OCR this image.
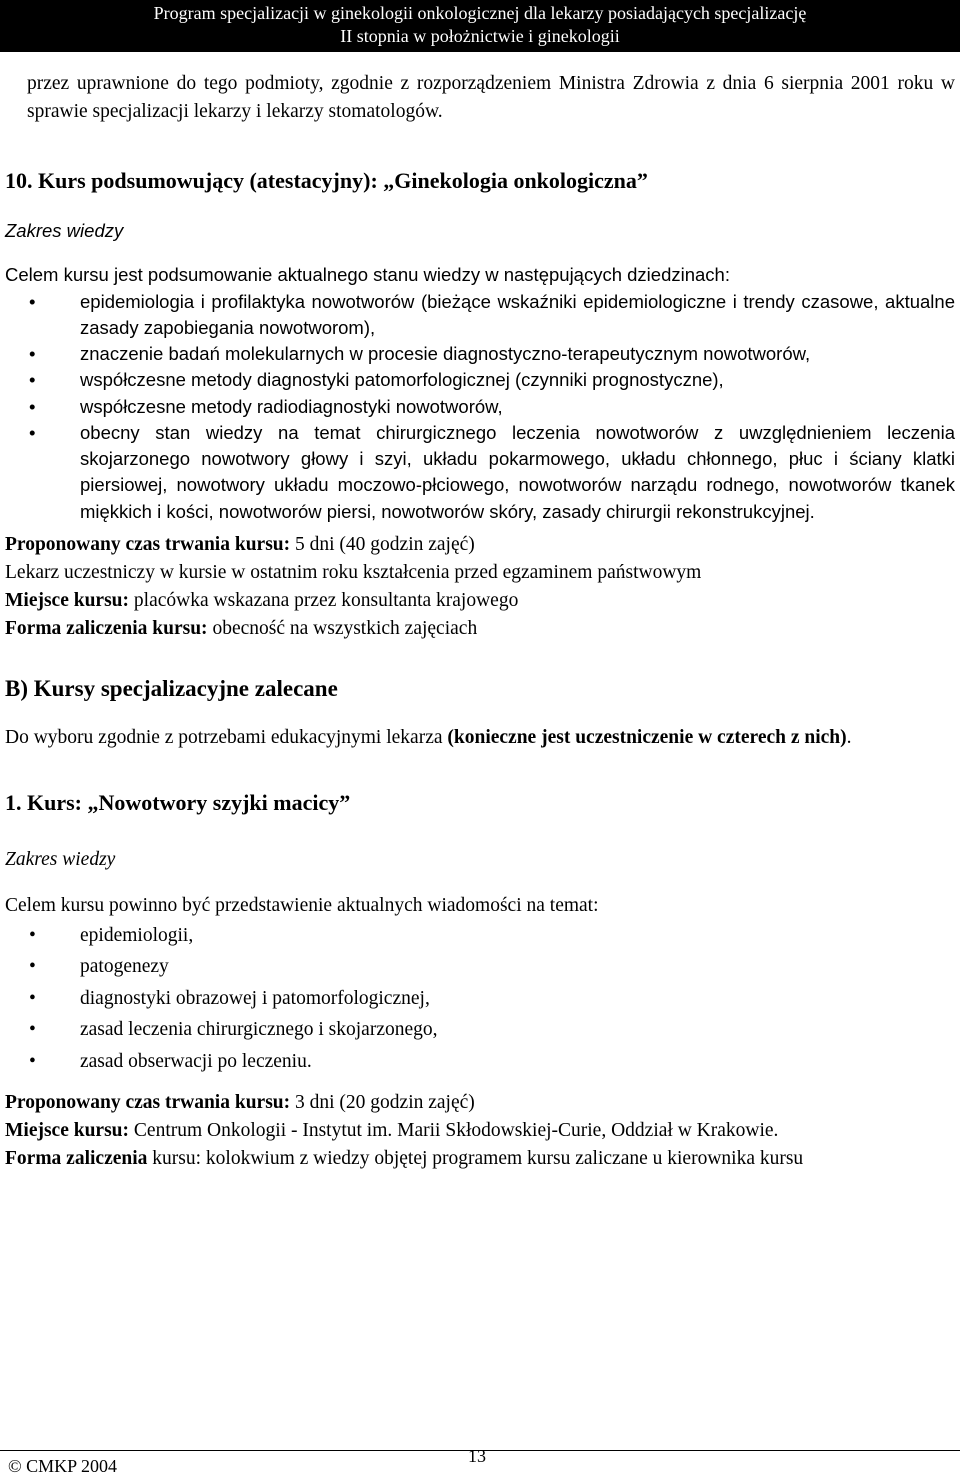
Program specjalizacji w ginekologii onkologicznej dla lekarzy posiadających specjalizację
II stopnia w położnictwie i ginekologii

przez uprawnione do tego podmioty, zgodnie z rozporządzeniem Ministra Zdrowia z dnia 6 sierpnia 2001 roku w sprawie specjalizacji lekarzy i lekarzy stomatologów.

10. Kurs podsumowujący (atestacyjny): „Ginekologia onkologiczna”

Zakres wiedzy

Celem kursu jest podsumowanie aktualnego stanu wiedzy w następujących dziedzinach:

• epidemiologia i profilaktyka nowotworów (bieżące wskaźniki epidemiologiczne i trendy czasowe, aktualne zasady zapobiegania nowotworom),
• znaczenie badań molekularnych w procesie diagnostyczno-terapeutycznym nowotworów,
• współczesne metody diagnostyki patomorfologicznej (czynniki prognostyczne),
• współczesne metody radiodiagnostyki nowotworów,
• obecny stan wiedzy na temat chirurgicznego leczenia nowotworów z uwzględnieniem leczenia skojarzonego nowotwory głowy i szyi, układu pokarmowego, układu chłonnego, płuc i ściany klatki piersiowej, nowotwory układu moczowo-płciowego, nowotworów narządu rodnego, nowotworów tkanek miękkich i kości, nowotworów piersi, nowotworów skóry, zasady chirurgii rekonstrukcyjnej.

Proponowany czas trwania kursu: 5 dni (40 godzin zajęć)

Lekarz uczestniczy w kursie w ostatnim roku kształcenia przed egzaminem państwowym

Miejsce kursu: placówka wskazana przez konsultanta krajowego

Forma zaliczenia kursu: obecność na wszystkich zajęciach

B) Kursy specjalizacyjne zalecane

Do wyboru zgodnie z potrzebami edukacyjnymi lekarza (konieczne jest uczestniczenie w czterech z nich).

1. Kurs: „Nowotwory szyjki macicy”

Zakres wiedzy

Celem kursu powinno być przedstawienie aktualnych wiadomości na temat:

• epidemiologii,
• patogenezy
• diagnostyki obrazowej i patomorfologicznej,
• zasad leczenia chirurgicznego i skojarzonego,
• zasad obserwacji po leczeniu.

Proponowany czas trwania kursu: 3 dni (20 godzin zajęć)

Miejsce kursu: Centrum Onkologii - Instytut im. Marii Skłodowskiej-Curie, Oddział w Krakowie.

Forma zaliczenia kursu: kolokwium z wiedzy objętej programem kursu zaliczane u kierownika kursu

© CMKP 2004	13
